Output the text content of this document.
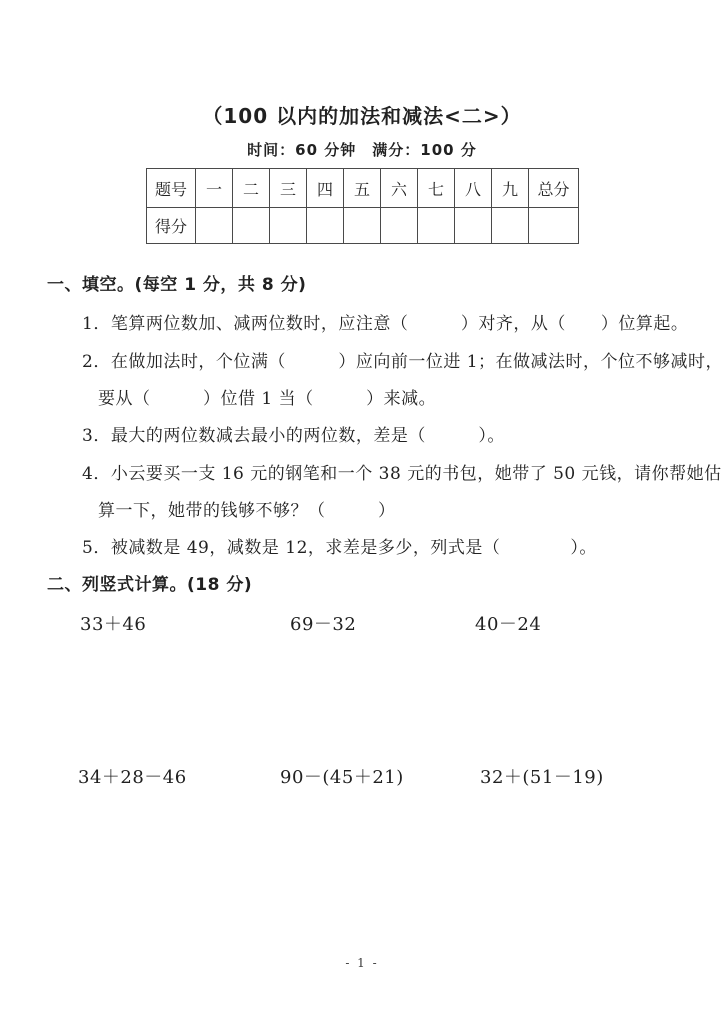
（100 以内的加法和减法<二>）
时间：60 分钟　满分：100 分
题号	一	二	三	四	五	六	七	八	九	总分
得分										
一、填空。(每空 1 分，共 8 分)
1．笔算两位数加、减两位数时，应注意（　　　）对齐，从（　　）位算起。
2．在做加法时，个位满（　　　）应向前一位进 1；在做减法时，个位不够减时，
要从（　　　）位借 1 当（　　　）来减。
3．最大的两位数减去最小的两位数，差是（　　　）。
4．小云要买一支 16 元的钢笔和一个 38 元的书包，她带了 50 元钱，请你帮她估
算一下，她带的钱够不够？（　　　）
5．被减数是 49，减数是 12，求差是多少，列式是（　　　　）。
二、列竖式计算。(18 分)
33＋46	69－32	40－24
34＋28－46	90－(45＋21)	32＋(51－19)
- 1 -
